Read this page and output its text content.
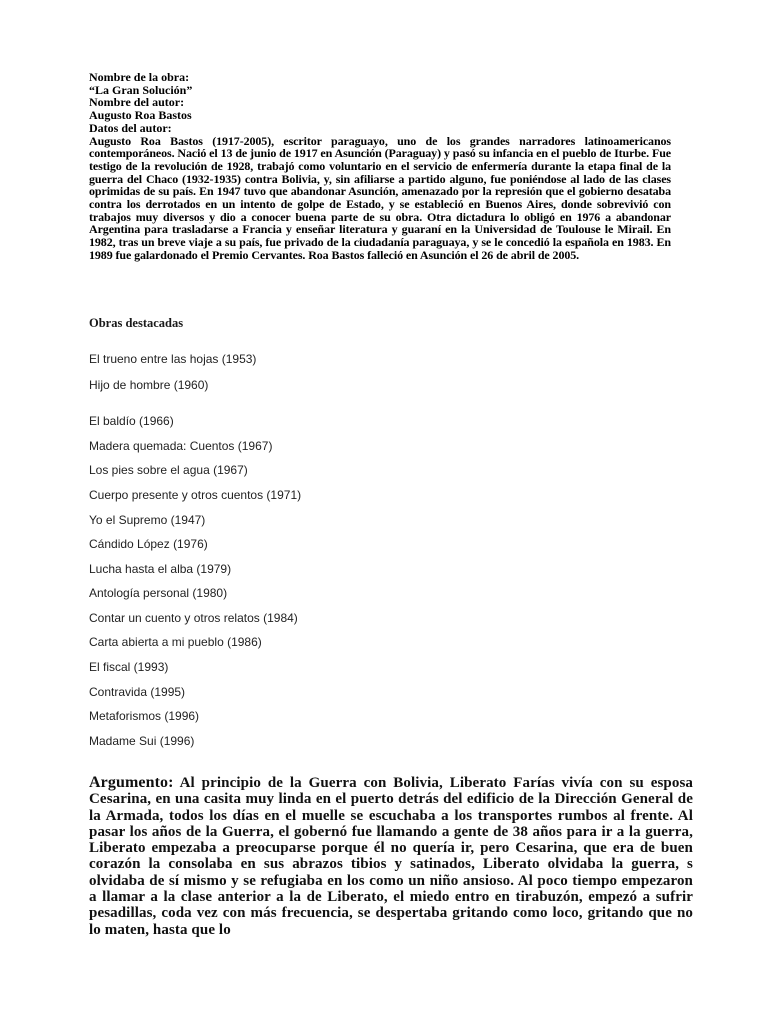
Nombre de la obra:
“La Gran Solución”
Nombre del autor:
Augusto Roa Bastos
Datos del autor:
Augusto Roa Bastos (1917-2005), escritor paraguayo, uno de los grandes narradores latinoamericanos contemporáneos. Nació el 13 de junio de 1917 en Asunción (Paraguay) y pasó su infancia en el pueblo de Iturbe. Fue testigo de la revolución de 1928, trabajó como voluntario en el servicio de enfermería durante la etapa final de la guerra del Chaco (1932-1935) contra Bolivia, y, sin afiliarse a partido alguno, fue poniéndose al lado de las clases oprimidas de su país. En 1947 tuvo que abandonar Asunción, amenazado por la represión que el gobierno desataba contra los derrotados en un intento de golpe de Estado, y se estableció en Buenos Aires, donde sobrevivió con trabajos muy diversos y dio a conocer buena parte de su obra. Otra dictadura lo obligó en 1976 a abandonar Argentina para trasladarse a Francia y enseñar literatura y guaraní en la Universidad de Toulouse le Mirail. En 1982, tras un breve viaje a su país, fue privado de la ciudadanía paraguaya, y se le concedió la española en 1983. En 1989 fue galardonado el Premio Cervantes. Roa Bastos falleció en Asunción el 26 de abril de 2005.
Obras destacadas
El trueno entre las hojas (1953)
Hijo de hombre (1960)
El baldío (1966)
Madera quemada: Cuentos (1967)
Los pies sobre el agua (1967)
Cuerpo presente y otros cuentos (1971)
Yo el Supremo (1947)
Cándido López (1976)
Lucha hasta el alba (1979)
Antología personal (1980)
Contar un cuento y otros relatos (1984)
Carta abierta a mi pueblo (1986)
El fiscal (1993)
Contravida (1995)
Metaforismos (1996)
Madame Sui (1996)
Argumento: Al principio de la Guerra con Bolivia, Liberato Farías vivía con su esposa Cesarina, en una casita muy linda en el puerto detrás del edificio de la Dirección General de la Armada, todos los días en el muelle se escuchaba a los transportes rumbos al frente. Al pasar los años de la Guerra, el gobernó fue llamando a gente de 38 años para ir a la guerra, Liberato empezaba a preocuparse porque él no quería ir, pero Cesarina, que era de buen corazón la consolaba en sus abrazos tibios y satinados, Liberato olvidaba la guerra, s olvidaba de sí mismo y se refugiaba en los como un niño ansioso. Al poco tiempo empezaron a llamar a la clase anterior a la de Liberato, el miedo entro en tirabuzón, empezó a sufrir pesadillas, coda vez con más frecuencia, se despertaba gritando como loco, gritando que no lo maten, hasta que lo
